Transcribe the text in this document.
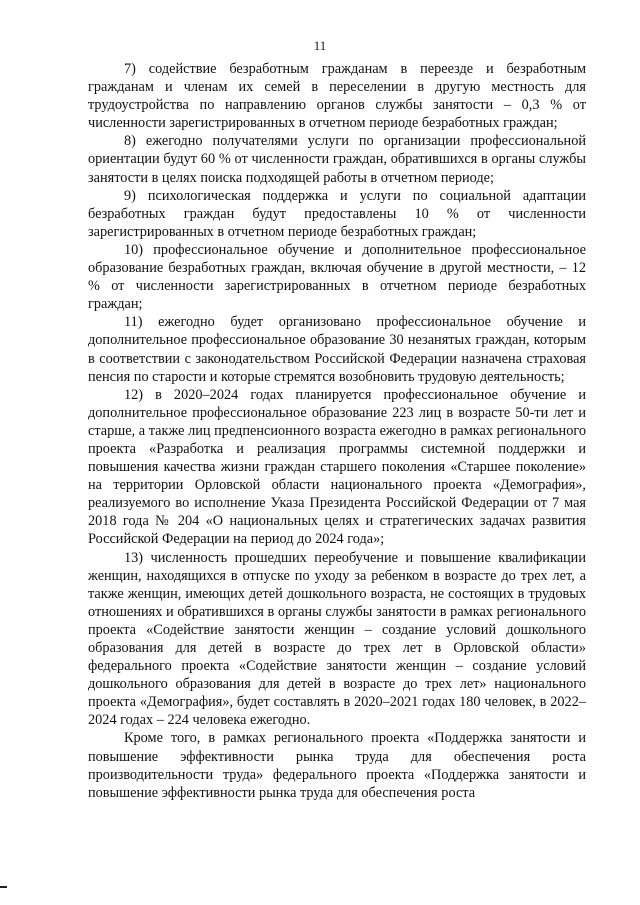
11

7) содействие безработным гражданам в переезде и безработным гражданам и членам их семей в переселении в другую местность для трудоустройства по направлению органов службы занятости – 0,3 % от численности зарегистрированных в отчетном периоде безработных граждан;

8) ежегодно получателями услуги по организации профессиональной ориентации будут 60 % от численности граждан, обратившихся в органы службы занятости в целях поиска подходящей работы в отчетном периоде;

9) психологическая поддержка и услуги по социальной адаптации безработных граждан будут предоставлены 10 % от численности зарегистрированных в отчетном периоде безработных граждан;

10) профессиональное обучение и дополнительное профессиональное образование безработных граждан, включая обучение в другой местности, – 12 % от численности зарегистрированных в отчетном периоде безработных граждан;

11) ежегодно будет организовано профессиональное обучение и дополнительное профессиональное образование 30 незанятых граждан, которым в соответствии с законодательством Российской Федерации назначена страховая пенсия по старости и которые стремятся возобновить трудовую деятельность;

12) в 2020–2024 годах планируется профессиональное обучение и дополнительное профессиональное образование 223 лиц в возрасте 50-ти лет и старше, а также лиц предпенсионного возраста ежегодно в рамках регионального проекта «Разработка и реализация программы системной поддержки и повышения качества жизни граждан старшего поколения «Старшее поколение» на территории Орловской области национального проекта «Демография», реализуемого во исполнение Указа Президента Российской Федерации от 7 мая 2018 года № 204 «О национальных целях и стратегических задачах развития Российской Федерации на период до 2024 года»;

13) численность прошедших переобучение и повышение квалификации женщин, находящихся в отпуске по уходу за ребенком в возрасте до трех лет, а также женщин, имеющих детей дошкольного возраста, не состоящих в трудовых отношениях и обратившихся в органы службы занятости в рамках регионального проекта «Содействие занятости женщин – создание условий дошкольного образования для детей в возрасте до трех лет в Орловской области» федерального проекта «Содействие занятости женщин – создание условий дошкольного образования для детей в возрасте до трех лет» национального проекта «Демография», будет составлять в 2020–2021 годах 180 человек, в 2022–2024 годах – 224 человека ежегодно.

Кроме того, в рамках регионального проекта «Поддержка занятости и повышение эффективности рынка труда для обеспечения роста производительности труда» федерального проекта «Поддержка занятости и повышение эффективности рынка труда для обеспечения роста
